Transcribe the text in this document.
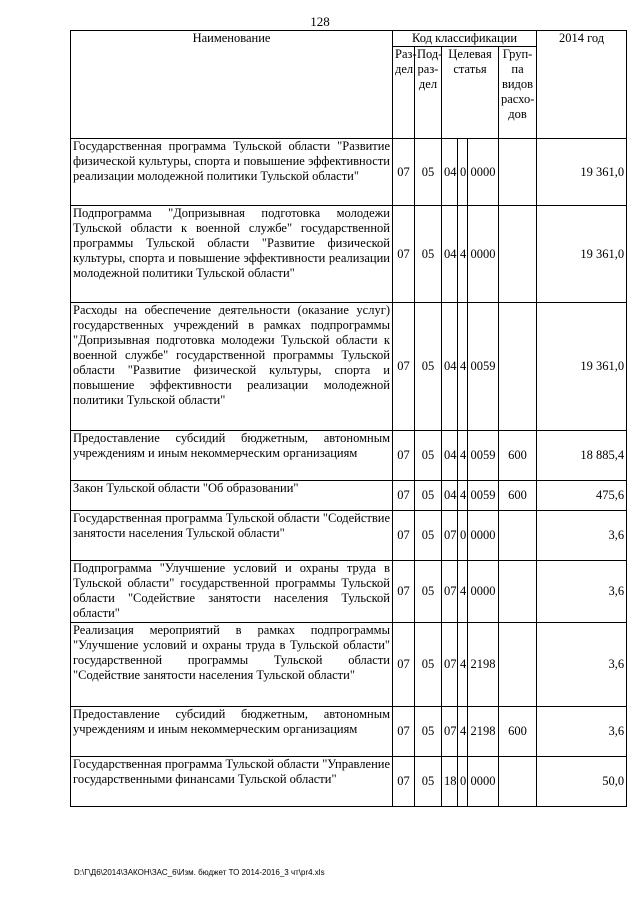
128
Наименование	Код классификации						2014 год
	Раз- дел	Под- раз- дел	Целевая статья			Груп- па видов расхо- дов	
Государственная программа Тульской области "Развитие физической культуры, спорта и повышение эффективности реализации молодежной политики Тульской области"	07	05	04	0	0000		19 361,0
Подпрограмма "Допризывная подготовка молодежи Тульской области к военной службе" государственной программы Тульской области "Развитие физической культуры, спорта и повышение эффективности реализации молодежной политики Тульской области"	07	05	04	4	0000		19 361,0
Расходы на обеспечение деятельности (оказание услуг) государственных учреждений в рамках подпрограммы "Допризывная подготовка молодежи Тульской области к военной службе" государственной программы Тульской области "Развитие физической культуры, спорта и повышение эффективности реализации молодежной политики Тульской области"	07	05	04	4	0059		19 361,0
Предоставление субсидий бюджетным, автономным учреждениям и иным некоммерческим организациям	07	05	04	4	0059	600	18 885,4
Закон Тульской области "Об образовании"	07	05	04	4	0059	600	475,6
Государственная программа Тульской области "Содействие занятости населения Тульской области"	07	05	07	0	0000		3,6
Подпрограмма "Улучшение условий и охраны труда в Тульской области" государственной программы Тульской области "Содействие занятости населения Тульской области"	07	05	07	4	0000		3,6
Реализация мероприятий в рамках подпрограммы "Улучшение условий и охраны труда в Тульской области" государственной программы Тульской области "Содействие занятости населения Тульской области"	07	05	07	4	2198		3,6
Предоставление субсидий бюджетным, автономным учреждениям и иным некоммерческим организациям	07	05	07	4	2198	600	3,6
Государственная программа Тульской области "Управление государственными финансами Тульской области"	07	05	18	0	0000		50,0
D:\Г\Д6\2014\ЗАКОН\ЗАС_6\Изм. бюджет ТО 2014-2016_3 чт\pr4.xls
